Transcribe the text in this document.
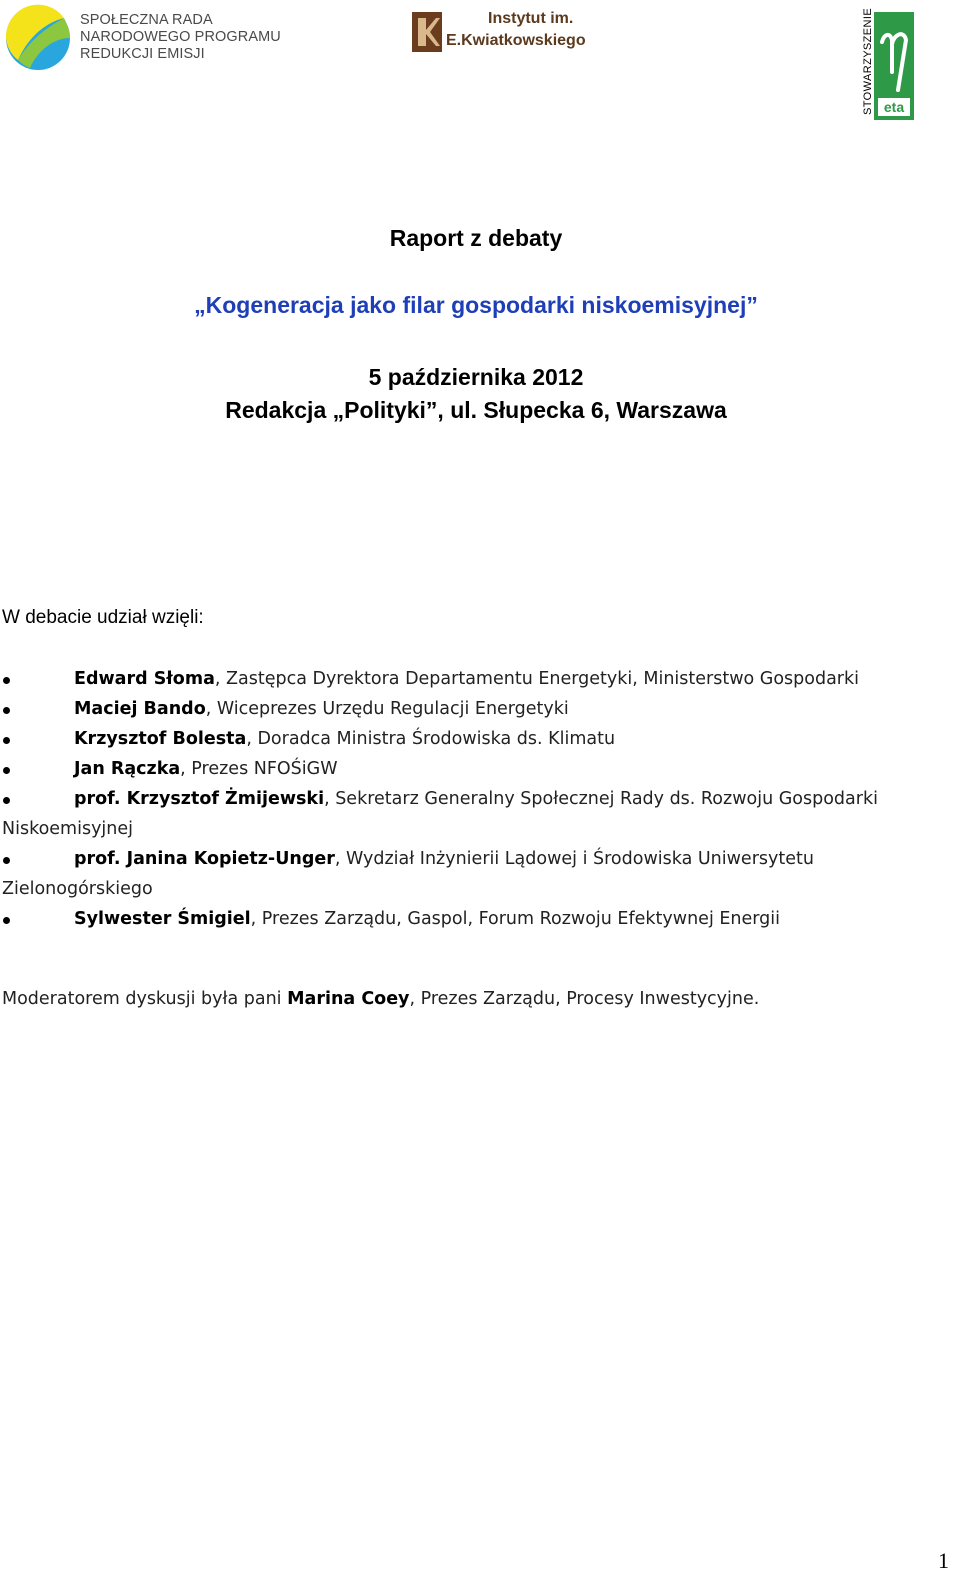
SPOŁECZNA RADA
NARODOWEGO PROGRAMU
REDUKCJI EMISJI
Instytut im.
E.Kwiatkowskiego	STOWARZYSZENIE eta
Raport z debaty
„Kogeneracja jako filar gospodarki niskoemisyjnej”
5 października 2012
Redakcja „Polityki”, ul. Słupecka 6, Warszawa
W debacie udział wzięli:
Edward Słoma, Zastępca Dyrektora Departamentu Energetyki, Ministerstwo Gospodarki
Maciej Bando, Wiceprezes Urzędu Regulacji Energetyki
Krzysztof Bolesta, Doradca Ministra Środowiska ds. Klimatu
Jan Rączka, Prezes NFOŚiGW
prof. Krzysztof Żmijewski, Sekretarz Generalny Społecznej Rady ds. Rozwoju Gospodarki Niskoemisyjnej
prof. Janina Kopietz-Unger, Wydział Inżynierii Lądowej i Środowiska Uniwersytetu Zielonogórskiego
Sylwester Śmigiel, Prezes Zarządu, Gaspol, Forum Rozwoju Efektywnej Energii
Moderatorem dyskusji była pani Marina Coey, Prezes Zarządu, Procesy Inwestycyjne.
1
